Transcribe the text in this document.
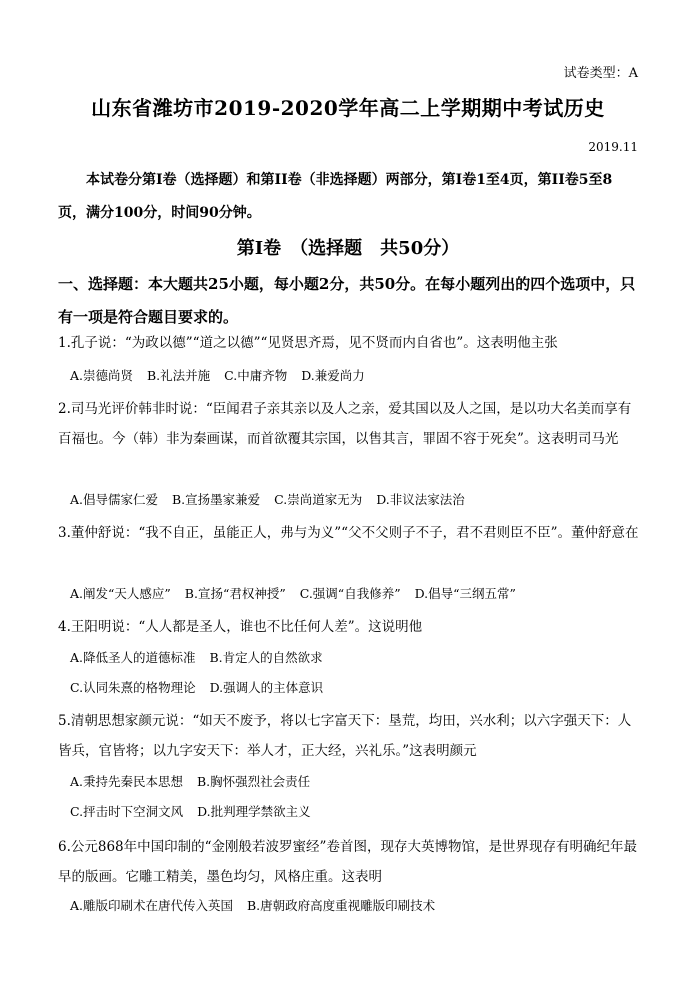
试卷类型：A
山东省潍坊市2019-2020学年高二上学期期中考试历史
2019.11
本试卷分第Ⅰ卷（选择题）和第II卷（非选择题）两部分，第Ⅰ卷1至4页，第II卷5至8页，满分100分，时间90分钟。
第Ⅰ卷　（选择题　共50分）
一、选择题：本大题共25小题，每小题2分，共50分。在每小题列出的四个选项中，只有一项是符合题目要求的。
1.孔子说：“为政以德”“道之以德”“见贤思齐焉，见不贤而内自省也”。这表明他主张
A.崇德尚贤 B.礼法并施 C.中庸齐物 D.兼爱尚力
2.司马光评价韩非时说：“臣闻君子亲其亲以及人之亲，爱其国以及人之国，是以功大名美而享有百福也。今（韩）非为秦画谋，而首欲覆其宗国，以售其言，罪固不容于死矣”。这表明司马光
A.倡导儒家仁爱 B.宣扬墨家兼爱 C.崇尚道家无为 D.非议法家法治
3.董仲舒说：“我不自正，虽能正人，弗与为义”“父不父则子不子，君不君则臣不臣”。董仲舒意在
A.阐发“天人感应” B.宣扬“君权神授” C.强调“自我修养” D.倡导“三纲五常”
4.王阳明说：“人人都是圣人，谁也不比任何人差”。这说明他
A.降低圣人的道德标准 B.肯定人的自然欲求
C.认同朱熹的格物理论 D.强调人的主体意识
5.清朝思想家颜元说：“如天不废予，将以七字富天下：垦荒，均田，兴水利；以六字强天下：人皆兵，官皆将；以九字安天下：举人才，正大经，兴礼乐。”这表明颜元
A.秉持先秦民本思想 B.胸怀强烈社会责任
C.抨击时下空洞文风 D.批判理学禁欲主义
6.公元868年中国印制的“金刚般若波罗蜜经”卷首图，现存大英博物馆，是世界现存有明确纪年最早的版画。它雕工精美，墨色均匀，风格庄重。这表明
A.雕版印刷术在唐代传入英国 B.唐朝政府高度重视雕版印刷技术
